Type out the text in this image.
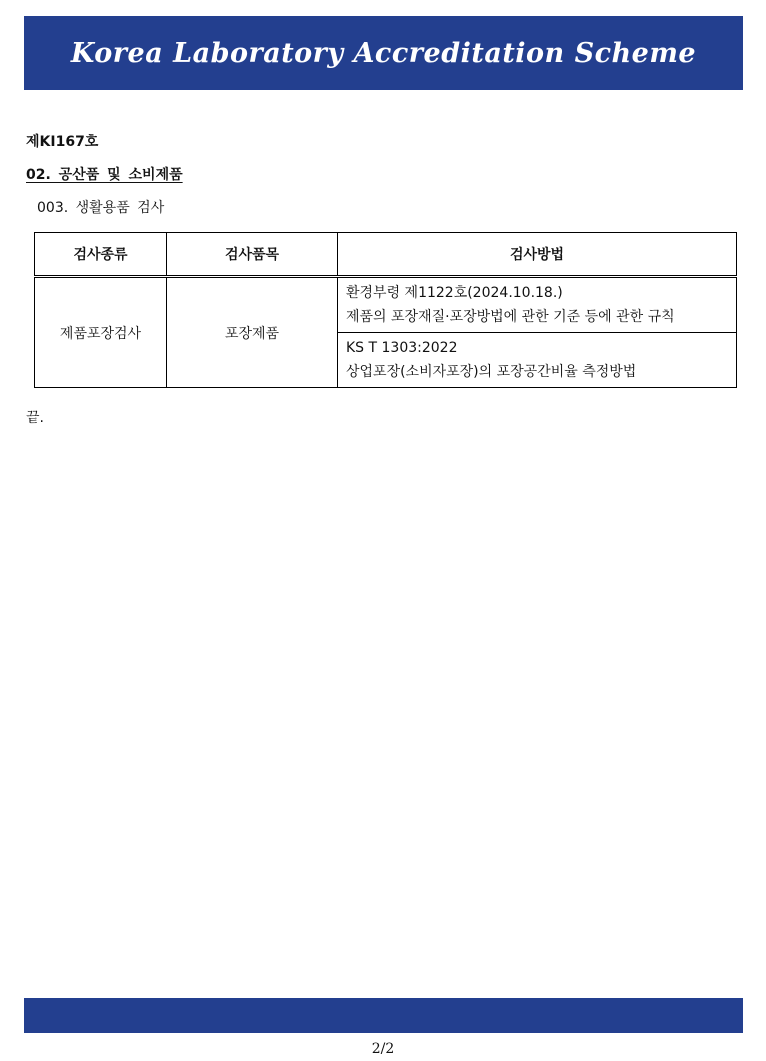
Korea Laboratory Accreditation Scheme
제KI167호
02. 공산품 및 소비제품
003. 생활용품 검사
검사종류	검사품목	검사방법
제품포장검사	포장제품	환경부령 제1122호(2024.10.18.)
제품의 포장재질·포장방법에 관한 기준 등에 관한 규칙

		KS T 1303:2022
상업포장(소비자포장)의 포장공간비율 측정방법
끝.
2/2
